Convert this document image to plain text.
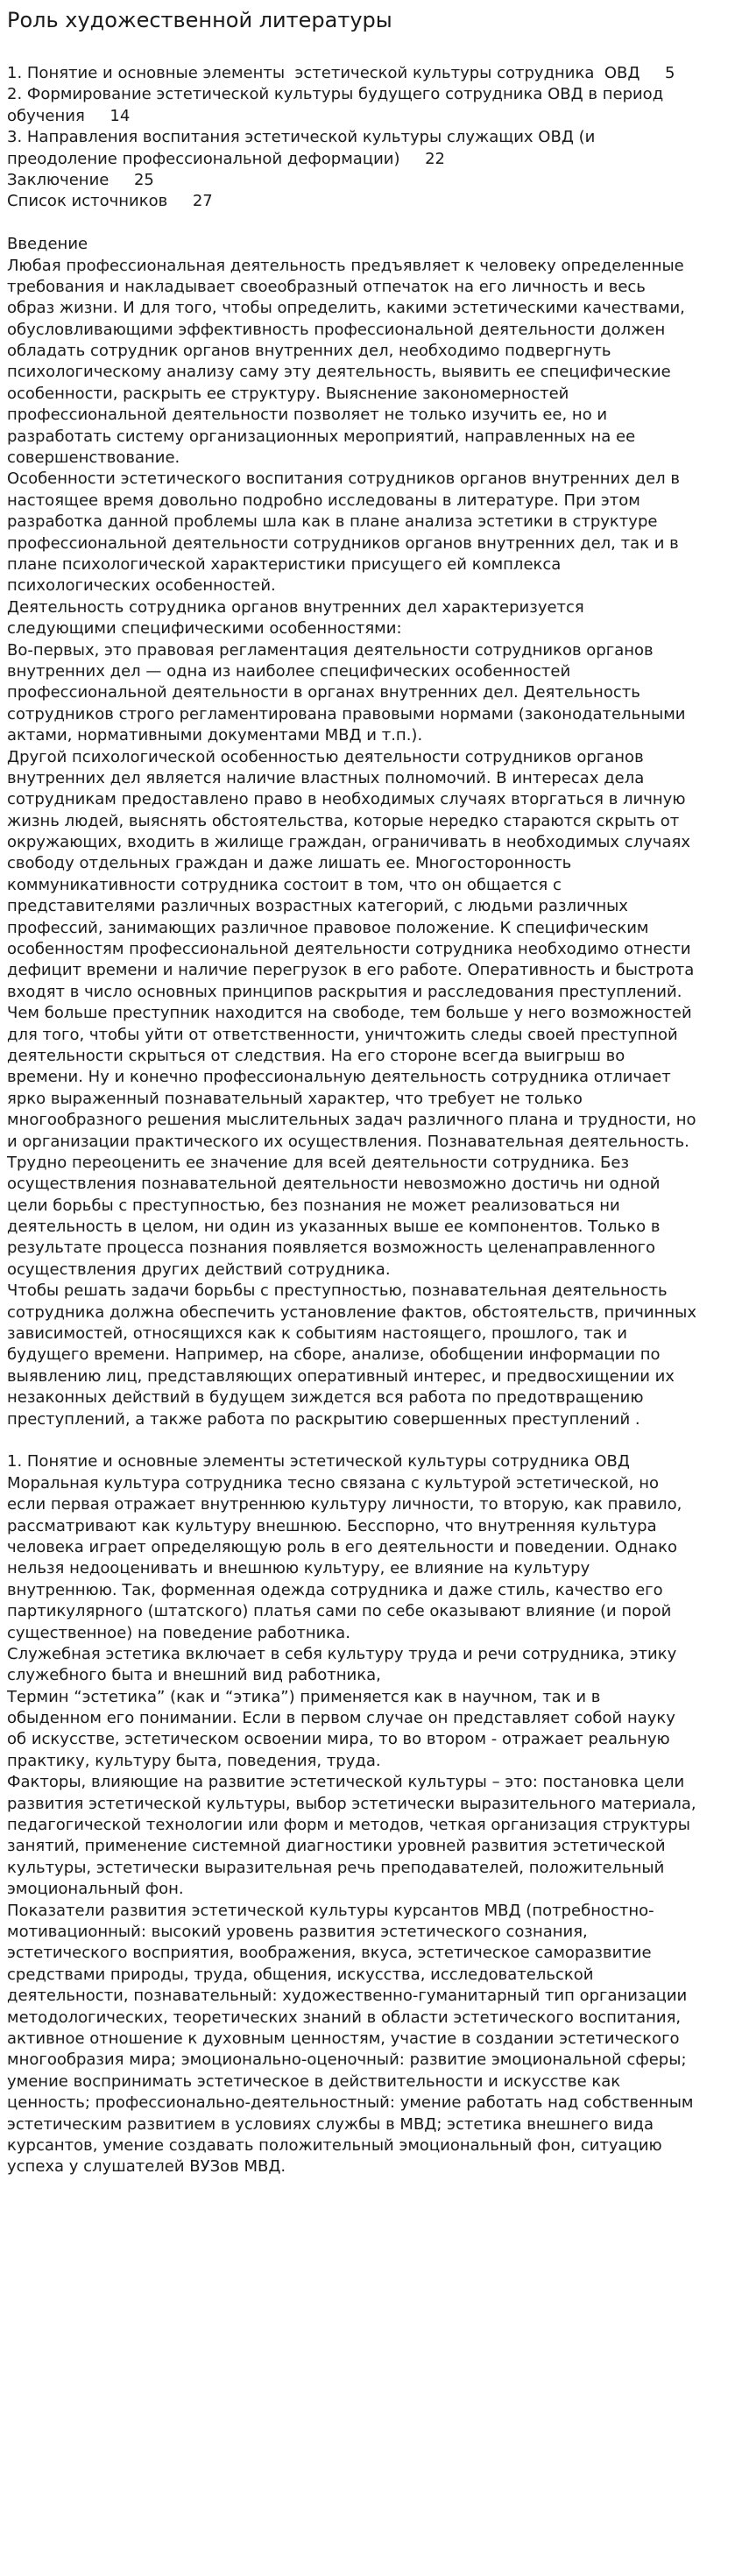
Роль художественной литературы
1. Понятие и основные элементы  эстетической культуры сотрудника  ОВД     5
2. Формирование эстетической культуры будущего сотрудника ОВД в период
обучения     14
3. Направления воспитания эстетической культуры служащих ОВД (и
преодоление профессиональной деформации)     22
Заключение     25
Список источников     27
Введение
Любая профессиональная деятельность предъявляет к человеку определенные
требования и накладывает своеобразный отпечаток на его личность и весь
образ жизни. И для того, чтобы определить, какими эстетическими качествами,
обусловливающими эффективность профессиональной деятельности должен
обладать сотрудник органов внутренних дел, необходимо подвергнуть
психологическому анализу саму эту деятельность, выявить ее специфические
особенности, раскрыть ее структуру. Выяснение закономерностей
профессиональной деятельности позволяет не только изучить ее, но и
разработать систему организационных мероприятий, направленных на ее
совершенствование.
Особенности эстетического воспитания сотрудников органов внутренних дел в
настоящее время довольно подробно исследованы в литературе. При этом
разработка данной проблемы шла как в плане анализа эстетики в структуре
профессиональной деятельности сотрудников органов внутренних дел, так и в
плане психологической характеристики присущего ей комплекса
психологических особенностей.
Деятельность сотрудника органов внутренних дел характеризуется
следующими специфическими особенностями:
Во-первых, это правовая регламентация деятельности сотрудников органов
внутренних дел — одна из наиболее специфических особенностей
профессиональной деятельности в органах внутренних дел. Деятельность
сотрудников строго регламентирована правовыми нормами (законодательными
актами, нормативными документами МВД и т.п.).
Другой психологической особенностью деятельности сотрудников органов
внутренних дел является наличие властных полномочий. В интересах дела
сотрудникам предоставлено право в необходимых случаях вторгаться в личную
жизнь людей, выяснять обстоятельства, которые нередко стараются скрыть от
окружающих, входить в жилище граждан, ограничивать в необходимых случаях
свободу отдельных граждан и даже лишать ее. Многосторонность
коммуникативности сотрудника состоит в том, что он общается с
представителями различных возрастных категорий, с людьми различных
профессий, занимающих различное правовое положение. К специфическим
особенностям профессиональной деятельности сотрудника необходимо отнести
дефицит времени и наличие перегрузок в его работе. Оперативность и быстрота
входят в число основных принципов раскрытия и расследования преступлений.
Чем больше преступник находится на свободе, тем больше у него возможностей
для того, чтобы уйти от ответственности, уничтожить следы своей преступной
деятельности скрыться от следствия. На его стороне всегда выигрыш во
времени. Ну и конечно профессиональную деятельность сотрудника отличает
ярко выраженный познавательный характер, что требует не только
многообразного решения мыслительных задач различного плана и трудности, но
и организации практического их осуществления. Познавательная деятельность.
Трудно переоценить ее значение для всей деятельности сотрудника. Без
осуществления познавательной деятельности невозможно достичь ни одной
цели борьбы с преступностью, без познания не может реализоваться ни
деятельность в целом, ни один из указанных выше ее компонентов. Только в
результате процесса познания появляется возможность целенаправленного
осуществления других действий сотрудника.
Чтобы решать задачи борьбы с преступностью, познавательная деятельность
сотрудника должна обеспечить установление фактов, обстоятельств, причинных
зависимостей, относящихся как к событиям настоящего, прошлого, так и
будущего времени. Например, на сборе, анализе, обобщении информации по
выявлению лиц, представляющих оперативный интерес, и предвосхищении их
незаконных действий в будущем зиждется вся работа по предотвращению
преступлений, а также работа по раскрытию совершенных преступлений .
1. Понятие и основные элементы эстетической культуры сотрудника ОВД
Моральная культура сотрудника тесно связана с культурой эстетической, но
если первая отражает внутреннюю культуру личности, то вторую, как правило,
рассматривают как культуру внешнюю. Бесспорно, что внутренняя культура
человека играет определяющую роль в его деятельности и поведении. Однако
нельзя недооценивать и внешнюю культуру, ее влияние на культуру
внутреннюю. Так, форменная одежда сотрудника и даже стиль, качество его
партикулярного (штатского) платья сами по себе оказывают влияние (и порой
существенное) на поведение работника.
Служебная эстетика включает в себя культуру труда и речи сотрудника, этику
служебного быта и внешний вид работника,
Термин “эстетика” (как и “этика”) применяется как в научном, так и в
обыденном его понимании. Если в первом случае он представляет собой науку
об искусстве, эстетическом освоении мира, то во втором - отражает реальную
практику, культуру быта, поведения, труда.
Факторы, влияющие на развитие эстетической культуры – это: постановка цели
развития эстетической культуры, выбор эстетически выразительного материала,
педагогической технологии или форм и методов, четкая организация структуры
занятий, применение системной диагностики уровней развития эстетической
культуры, эстетически выразительная речь преподавателей, положительный
эмоциональный фон.
Показатели развития эстетической культуры курсантов МВД (потребностно-
мотивационный: высокий уровень развития эстетического сознания,
эстетического восприятия, воображения, вкуса, эстетическое саморазвитие
средствами природы, труда, общения, искусства, исследовательской
деятельности, познавательный: художественно-гуманитарный тип организации
методологических, теоретических знаний в области эстетического воспитания,
активное отношение к духовным ценностям, участие в создании эстетического
многообразия мира; эмоционально-оценочный: развитие эмоциональной сферы;
умение воспринимать эстетическое в действительности и искусстве как
ценность; профессионально-деятельностный: умение работать над собственным
эстетическим развитием в условиях службы в МВД; эстетика внешнего вида
курсантов, умение создавать положительный эмоциональный фон, ситуацию
успеха у слушателей ВУЗов МВД.
